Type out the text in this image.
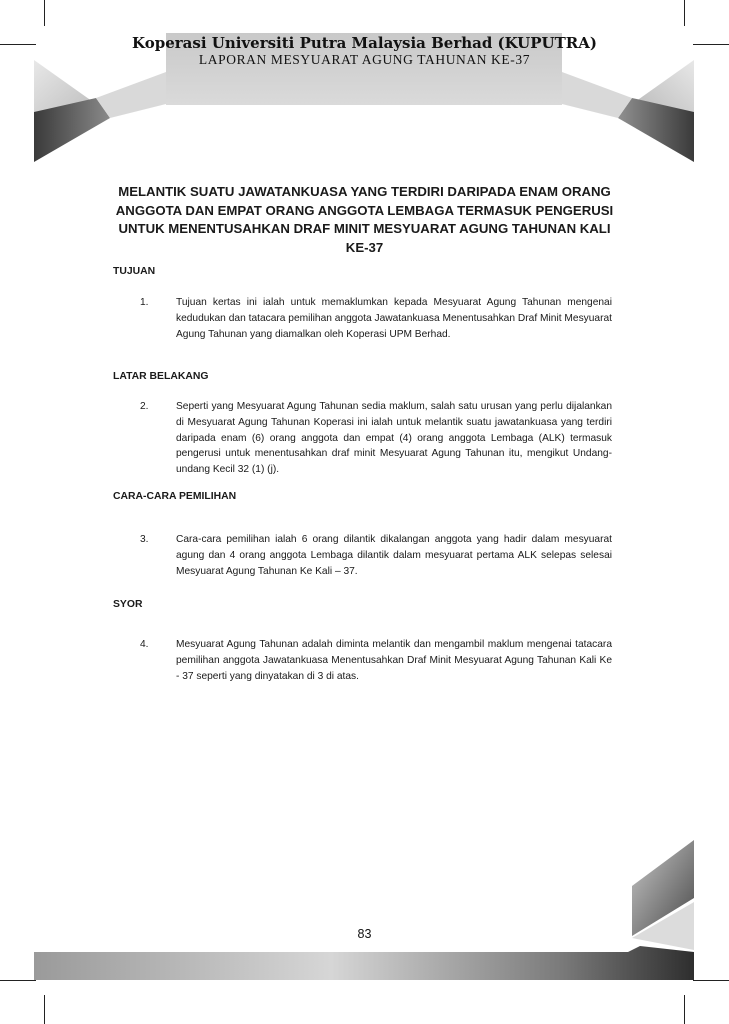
Koperasi Universiti Putra Malaysia Berhad (KUPUTRA)
LAPORAN MESYUARAT AGUNG TAHUNAN KE-37
MELANTIK SUATU JAWATANKUASA YANG TERDIRI DARIPADA ENAM ORANG
ANGGOTA DAN EMPAT ORANG ANGGOTA LEMBAGA TERMASUK PENGERUSI
UNTUK MENENTUSAHKAN DRAF MINIT MESYUARAT AGUNG TAHUNAN KALI KE-37
TUJUAN
1.	Tujuan kertas ini ialah untuk memaklumkan kepada Mesyuarat Agung Tahunan mengenai kedudukan dan tatacara pemilihan anggota Jawatankuasa Menentusahkan Draf Minit Mesyuarat Agung Tahunan yang diamalkan oleh Koperasi UPM Berhad.
LATAR BELAKANG
2.	Seperti yang Mesyuarat Agung Tahunan sedia maklum, salah satu urusan yang perlu dijalankan di Mesyuarat Agung Tahunan Koperasi ini ialah untuk melantik suatu jawatankuasa yang terdiri daripada enam (6) orang anggota dan empat (4) orang anggota Lembaga (ALK) termasuk pengerusi untuk menentusahkan draf minit Mesyuarat Agung Tahunan itu, mengikut Undang-undang Kecil 32 (1) (j).
CARA-CARA PEMILIHAN
3.	Cara-cara pemilihan ialah 6 orang dilantik dikalangan anggota yang hadir dalam mesyuarat agung dan 4 orang anggota Lembaga dilantik dalam mesyuarat pertama ALK selepas selesai Mesyuarat Agung Tahunan Ke Kali – 37.
SYOR
4.	Mesyuarat Agung Tahunan adalah diminta melantik dan mengambil maklum mengenai tatacara pemilihan anggota Jawatankuasa Menentusahkan Draf Minit Mesyuarat Agung Tahunan Kali Ke - 37 seperti yang dinyatakan di 3 di atas.
83
